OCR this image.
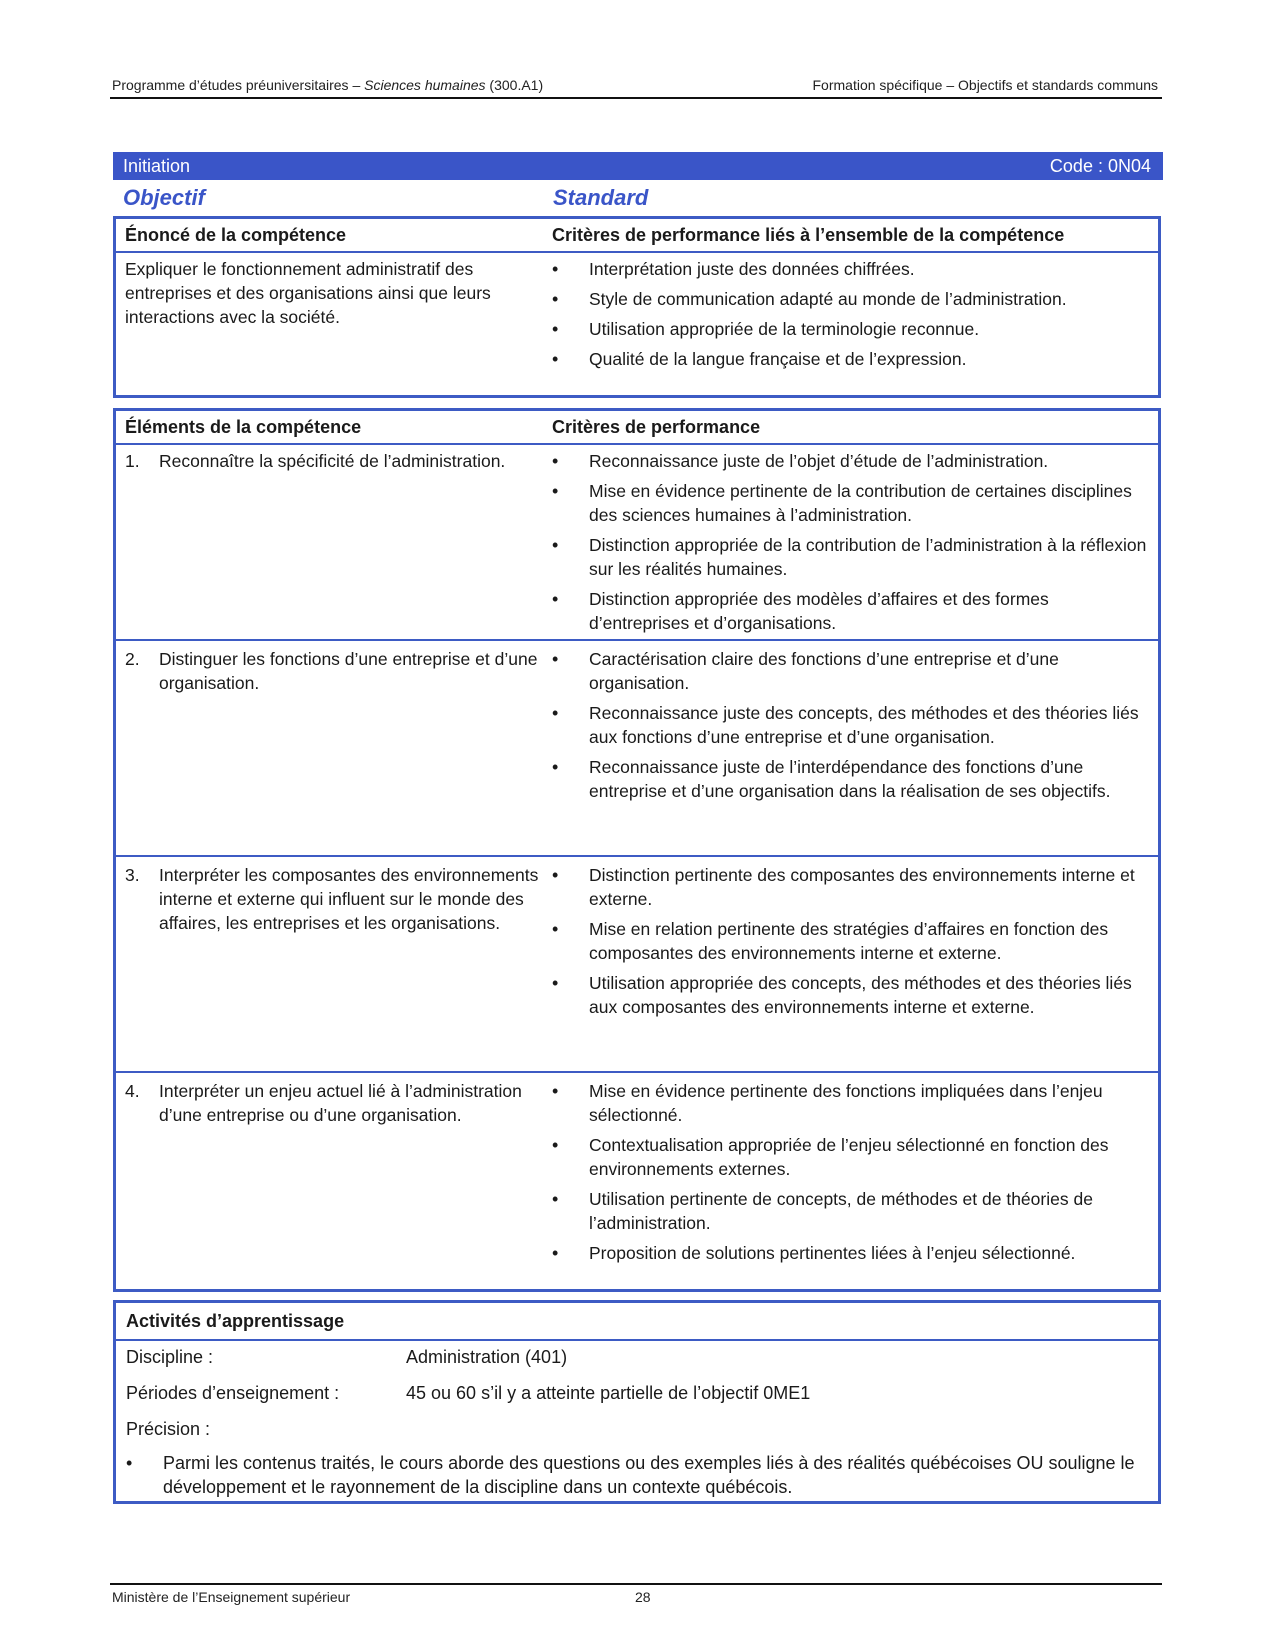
Programme d’études préuniversitaires – Sciences humaines (300.A1)	Formation spécifique – Objectifs et standards communs
Initiation	Code : 0N04
Objectif	Standard
Énoncé de la compétence	Critères de performance liés à l’ensemble de la compétence
Expliquer le fonctionnement administratif des entreprises et des organisations ainsi que leurs interactions avec la société.
• Interprétation juste des données chiffrées.
• Style de communication adapté au monde de l’administration.
• Utilisation appropriée de la terminologie reconnue.
• Qualité de la langue française et de l’expression.
Éléments de la compétence	Critères de performance
1. Reconnaître la spécificité de l’administration.
•	Reconnaissance juste de l’objet d’étude de l’administration.
• Mise en évidence pertinente de la contribution de certaines disciplines des sciences humaines à l’administration.
• Distinction appropriée de la contribution de l’administration à la réflexion sur les réalités humaines.
• Distinction appropriée des modèles d’affaires et des formes d’entreprises et d’organisations.
2. Distinguer les fonctions d’une entreprise et d’une organisation.
• Caractérisation claire des fonctions d’une entreprise et d’une organisation.
• Reconnaissance juste des concepts, des méthodes et des théories liés aux fonctions d’une entreprise et d’une organisation.
• Reconnaissance juste de l’interdépendance des fonctions d’une entreprise et d’une organisation dans la réalisation de ses objectifs.
3. Interpréter les composantes des environnements interne et externe qui influent sur le monde des affaires, les entreprises et les organisations.
• Distinction pertinente des composantes des environnements interne et externe.
• Mise en relation pertinente des stratégies d’affaires en fonction des composantes des environnements interne et externe.
• Utilisation appropriée des concepts, des méthodes et des théories liés aux composantes des environnements interne et externe.
4. Interpréter un enjeu actuel lié à l’administration d’une entreprise ou d’une organisation.
• Mise en évidence pertinente des fonctions impliquées dans l’enjeu sélectionné.
• Contextualisation appropriée de l’enjeu sélectionné en fonction des environnements externes.
• Utilisation pertinente de concepts, de méthodes et de théories de l’administration.
• Proposition de solutions pertinentes liées à l’enjeu sélectionné.
Activités d’apprentissage
Discipline :	Administration (401)
Périodes d’enseignement :	45 ou 60 s’il y a atteinte partielle de l’objectif 0ME1
Précision :
• Parmi les contenus traités, le cours aborde des questions ou des exemples liés à des réalités québécoises OU souligne le développement et le rayonnement de la discipline dans un contexte québécois.
Ministère de l’Enseignement supérieur	28
